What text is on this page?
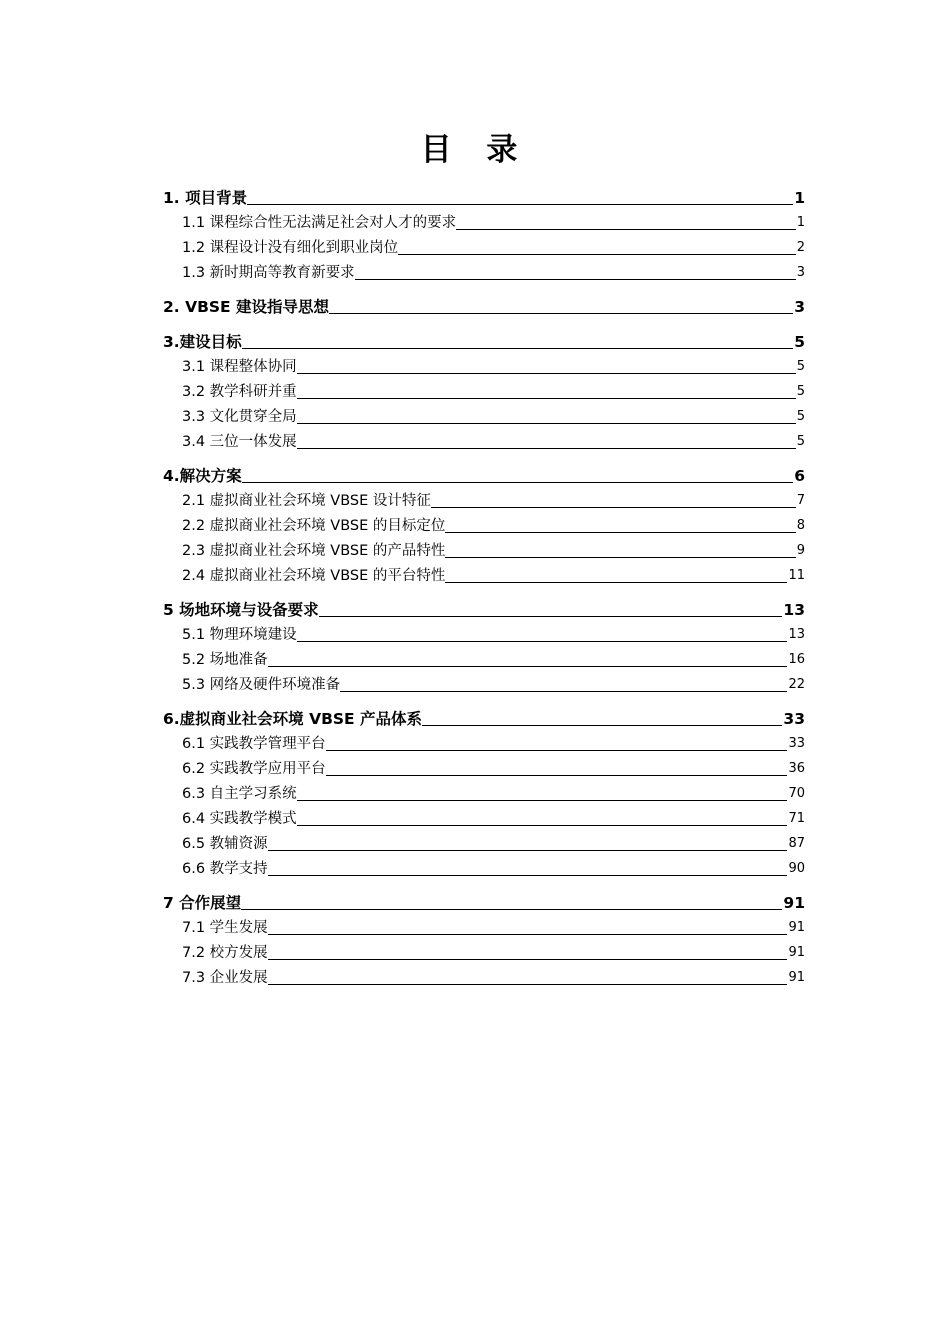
目 录
1. 项目背景	1
1.1 课程综合性无法满足社会对人才的要求	1
1.2 课程设计没有细化到职业岗位	2
1.3 新时期高等教育新要求	3
2. VBSE 建设指导思想	3
3.建设目标	5
3.1 课程整体协同	5
3.2 教学科研并重	5
3.3 文化贯穿全局	5
3.4 三位一体发展	5
4.解决方案	6
2.1 虚拟商业社会环境 VBSE 设计特征	7
2.2 虚拟商业社会环境 VBSE 的目标定位	8
2.3 虚拟商业社会环境 VBSE 的产品特性	9
2.4 虚拟商业社会环境 VBSE 的平台特性	11
5 场地环境与设备要求	13
5.1 物理环境建设	13
5.2 场地准备	16
5.3 网络及硬件环境准备	22
6.虚拟商业社会环境 VBSE 产品体系	33
6.1 实践教学管理平台	33
6.2 实践教学应用平台	36
6.3 自主学习系统	70
6.4 实践教学模式	71
6.5 教辅资源	87
6.6 教学支持	90
7 合作展望	91
7.1 学生发展	91
7.2 校方发展	91
7.3 企业发展	91
